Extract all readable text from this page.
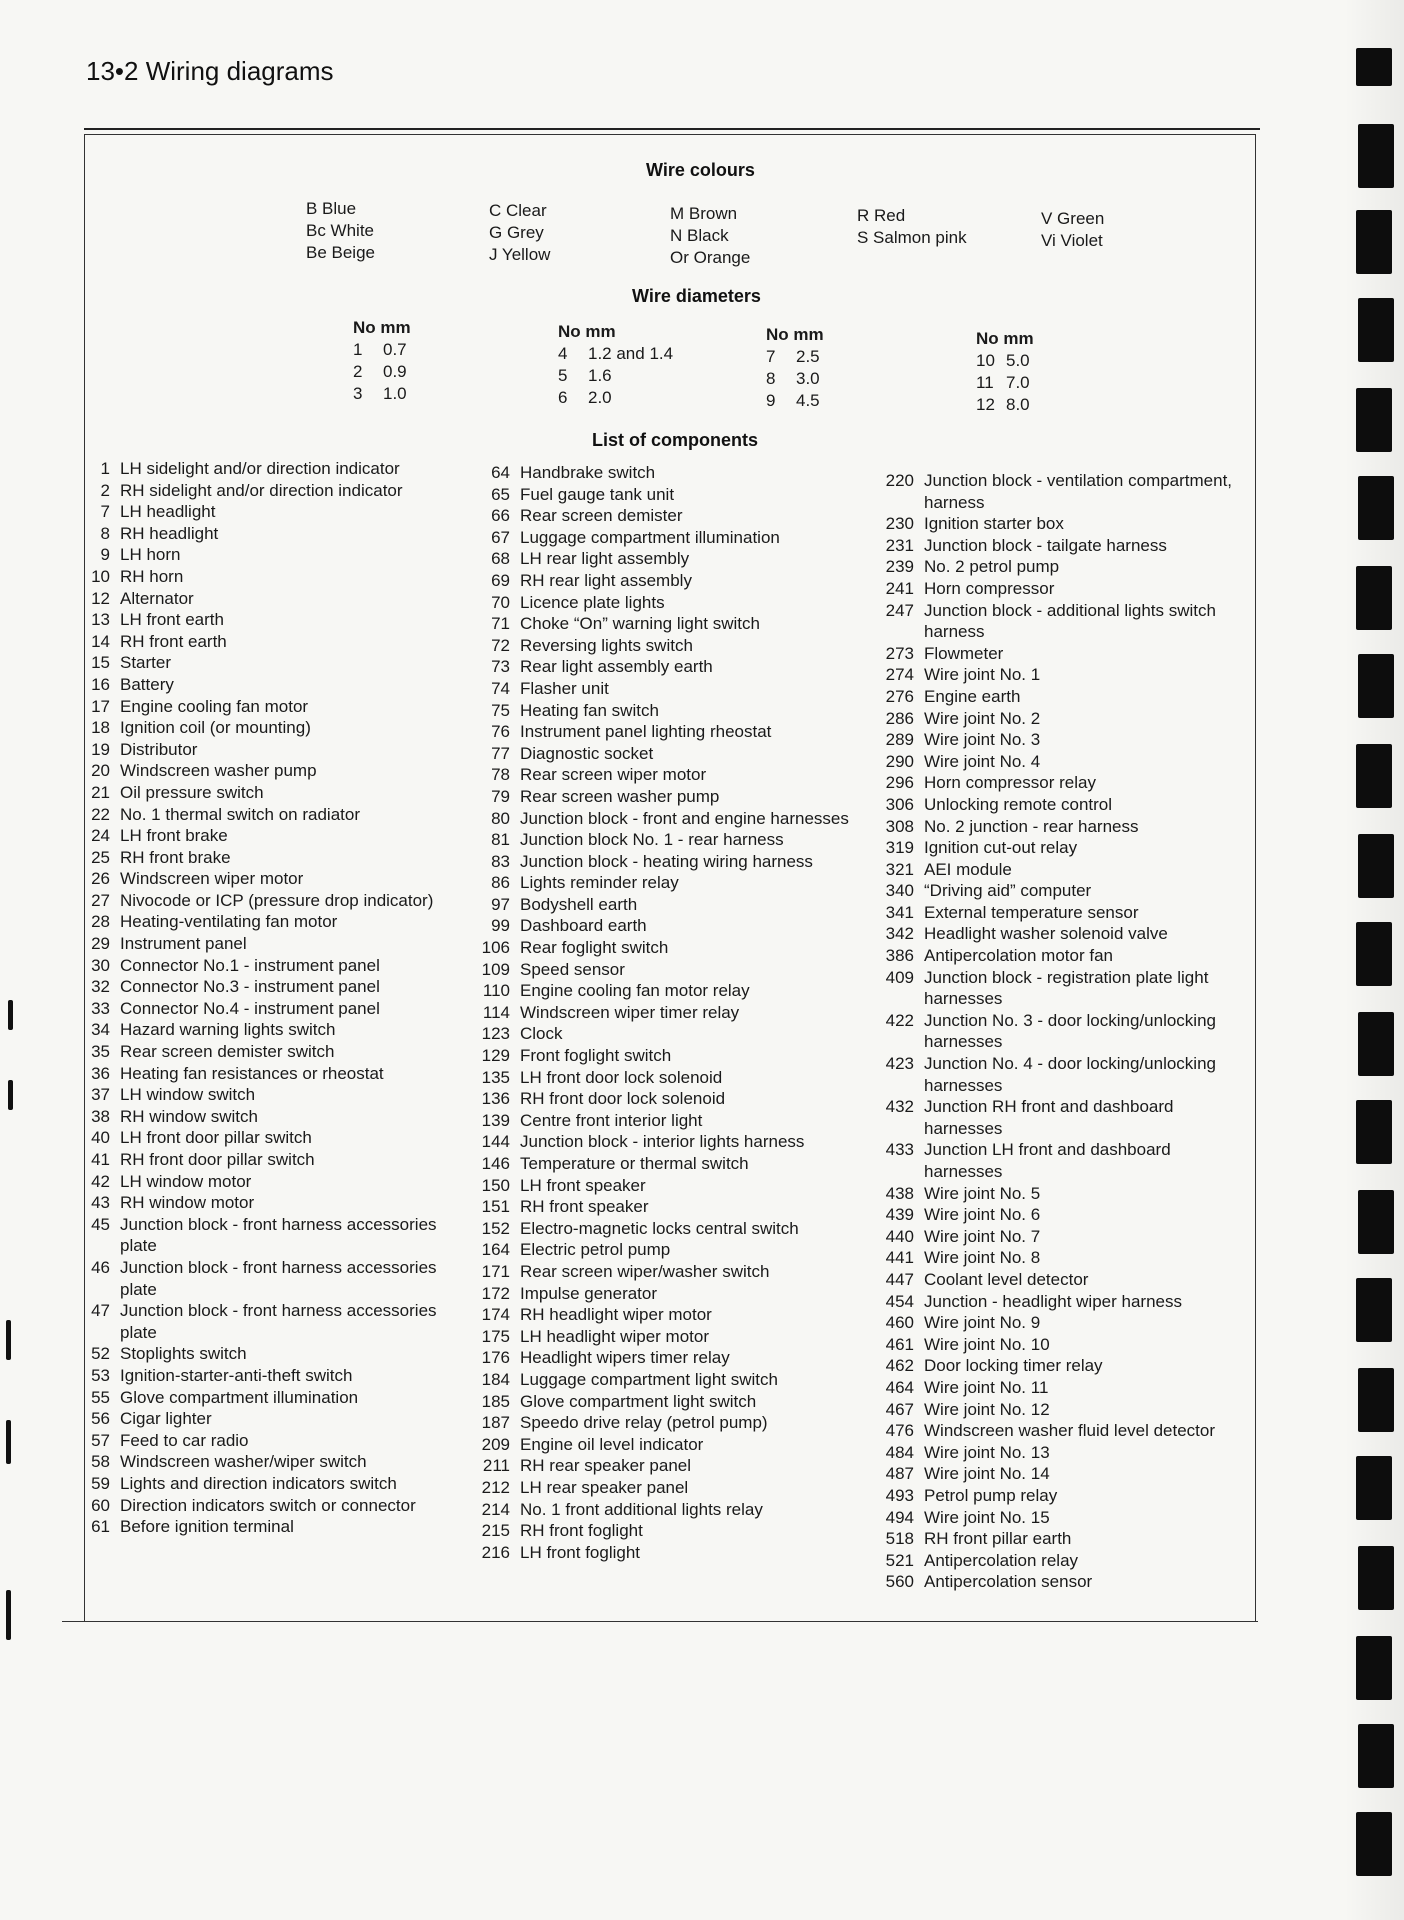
13•2 Wiring diagrams
Wire colours
B Blue
Bc White
Be Beige
C Clear
G Grey
J Yellow
M Brown
N Black
Or Orange
R Red
S Salmon pink
V Green
Vi Violet
Wire diameters
No mm
1 0.7
2 0.9
3 1.0
No mm
4 1.2 and 1.4
5 1.6
6 2.0
No mm
7 2.5
8 3.0
9 4.5
No mm
10 5.0
11 7.0
12 8.0
List of components
1 LH sidelight and/or direction indicator
2 RH sidelight and/or direction indicator
7 LH headlight
8 RH headlight
9 LH horn
10 RH horn
12 Alternator
13 LH front earth
14 RH front earth
15 Starter
16 Battery
17 Engine cooling fan motor
18 Ignition coil (or mounting)
19 Distributor
20 Windscreen washer pump
21 Oil pressure switch
22 No. 1 thermal switch on radiator
24 LH front brake
25 RH front brake
26 Windscreen wiper motor
27 Nivocode or ICP (pressure drop indicator)
28 Heating-ventilating fan motor
29 Instrument panel
30 Connector No.1 - instrument panel
32 Connector No.3 - instrument panel
33 Connector No.4 - instrument panel
34 Hazard warning lights switch
35 Rear screen demister switch
36 Heating fan resistances or rheostat
37 LH window switch
38 RH window switch
40 LH front door pillar switch
41 RH front door pillar switch
42 LH window motor
43 RH window motor
45 Junction block - front harness accessories plate
46 Junction block - front harness accessories plate
47 Junction block - front harness accessories plate
52 Stoplights switch
53 Ignition-starter-anti-theft switch
55 Glove compartment illumination
56 Cigar lighter
57 Feed to car radio
58 Windscreen washer/wiper switch
59 Lights and direction indicators switch
60 Direction indicators switch or connector
61 Before ignition terminal
64 Handbrake switch
65 Fuel gauge tank unit
66 Rear screen demister
67 Luggage compartment illumination
68 LH rear light assembly
69 RH rear light assembly
70 Licence plate lights
71 Choke “On” warning light switch
72 Reversing lights switch
73 Rear light assembly earth
74 Flasher unit
75 Heating fan switch
76 Instrument panel lighting rheostat
77 Diagnostic socket
78 Rear screen wiper motor
79 Rear screen washer pump
80 Junction block - front and engine harnesses
81 Junction block No. 1 - rear harness
83 Junction block - heating wiring harness
86 Lights reminder relay
97 Bodyshell earth
99 Dashboard earth
106 Rear foglight switch
109 Speed sensor
110 Engine cooling fan motor relay
114 Windscreen wiper timer relay
123 Clock
129 Front foglight switch
135 LH front door lock solenoid
136 RH front door lock solenoid
139 Centre front interior light
144 Junction block - interior lights harness
146 Temperature or thermal switch
150 LH front speaker
151 RH front speaker
152 Electro-magnetic locks central switch
164 Electric petrol pump
171 Rear screen wiper/washer switch
172 Impulse generator
174 RH headlight wiper motor
175 LH headlight wiper motor
176 Headlight wipers timer relay
184 Luggage compartment light switch
185 Glove compartment light switch
187 Speedo drive relay (petrol pump)
209 Engine oil level indicator
211 RH rear speaker panel
212 LH rear speaker panel
214 No. 1 front additional lights relay
215 RH front foglight
216 LH front foglight
220 Junction block - ventilation compartment, harness
230 Ignition starter box
231 Junction block - tailgate harness
239 No. 2 petrol pump
241 Horn compressor
247 Junction block - additional lights switch harness
273 Flowmeter
274 Wire joint No. 1
276 Engine earth
286 Wire joint No. 2
289 Wire joint No. 3
290 Wire joint No. 4
296 Horn compressor relay
306 Unlocking remote control
308 No. 2 junction - rear harness
319 Ignition cut-out relay
321 AEI module
340 “Driving aid” computer
341 External temperature sensor
342 Headlight washer solenoid valve
386 Antipercolation motor fan
409 Junction block - registration plate light harnesses
422 Junction No. 3 - door locking/unlocking harnesses
423 Junction No. 4 - door locking/unlocking harnesses
432 Junction RH front and dashboard harnesses
433 Junction LH front and dashboard harnesses
438 Wire joint No. 5
439 Wire joint No. 6
440 Wire joint No. 7
441 Wire joint No. 8
447 Coolant level detector
454 Junction - headlight wiper harness
460 Wire joint No. 9
461 Wire joint No. 10
462 Door locking timer relay
464 Wire joint No. 11
467 Wire joint No. 12
476 Windscreen washer fluid level detector
484 Wire joint No. 13
487 Wire joint No. 14
493 Petrol pump relay
494 Wire joint No. 15
518 RH front pillar earth
521 Antipercolation relay
560 Antipercolation sensor
